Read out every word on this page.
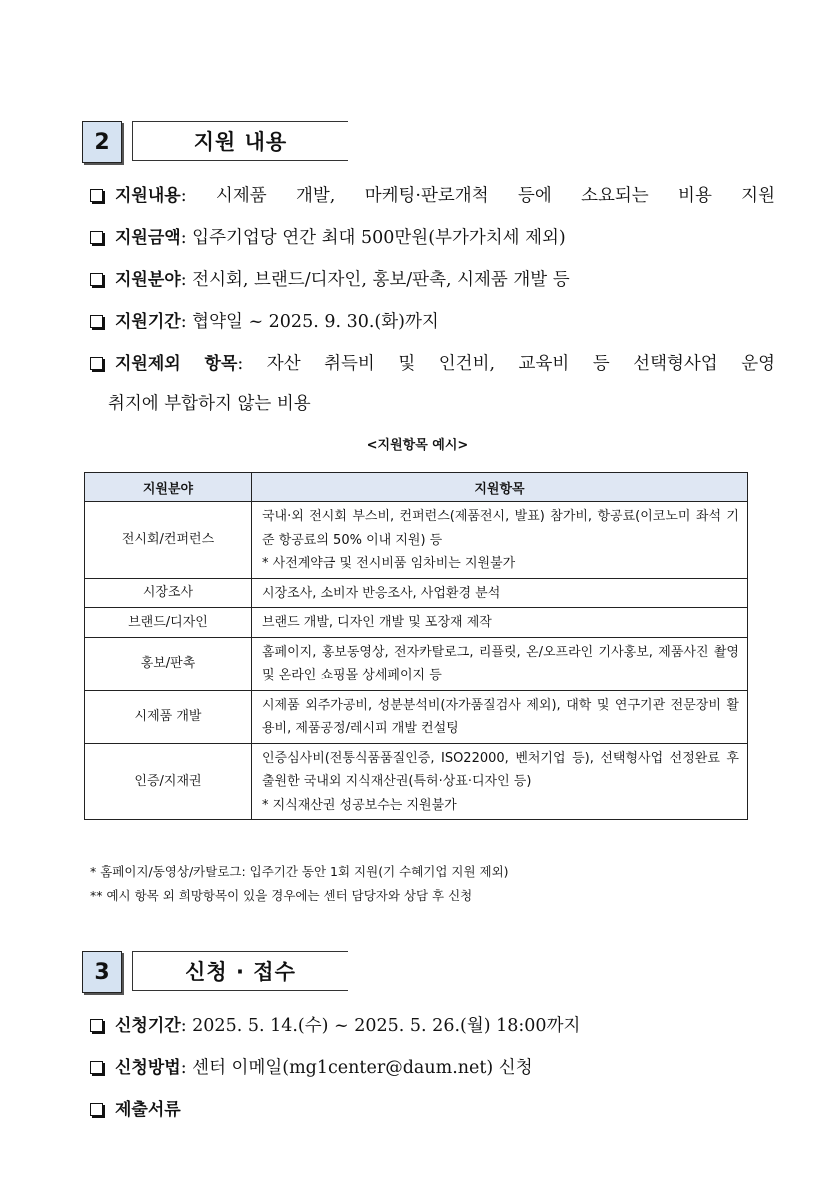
2	지원 내용
지원내용: 시제품 개발, 마케팅·판로개척 등에 소요되는 비용 지원
지원금액: 입주기업당 연간 최대 500만원(부가가치세 제외)
지원분야: 전시회, 브랜드/디자인, 홍보/판촉, 시제품 개발 등
지원기간: 협약일 ~ 2025. 9. 30.(화)까지
지원제외 항목: 자산 취득비 및 인건비, 교육비 등 선택형사업 운영
취지에 부합하지 않는 비용
<지원항목 예시>
지원분야	지원항목
전시회/컨퍼런스	국내·외 전시회 부스비, 컨퍼런스(제품전시, 발표) 참가비, 항공료(이코노미 좌석 기준 항공료의 50% 이내 지원) 등
* 사전계약금 및 전시비품 임차비는 지원불가

시장조사	시장조사, 소비자 반응조사, 사업환경 분석
브랜드/디자인	브랜드 개발, 디자인 개발 및 포장재 제작
홍보/판촉	홈페이지, 홍보동영상, 전자카탈로그, 리플릿, 온/오프라인 기사홍보, 제품사진 촬영 및 온라인 쇼핑몰 상세페이지 등
시제품 개발	시제품 외주가공비, 성분분석비(자가품질검사 제외), 대학 및 연구기관 전문장비 활용비, 제품공정/레시피 개발 컨설팅
인증/지재권	인증심사비(전통식품품질인증, ISO22000, 벤처기업 등), 선택형사업 선정완료 후 출원한 국내외 지식재산권(특허·상표·디자인 등)
* 지식재산권 성공보수는 지원불가
* 홈페이지/동영상/카탈로그: 입주기간 동안 1회 지원(기 수혜기업 지원 제외)
** 예시 항목 외 희망항목이 있을 경우에는 센터 담당자와 상담 후 신청
3	신청 · 접수
신청기간: 2025. 5. 14.(수) ~ 2025. 5. 26.(월) 18:00까지
신청방법: 센터 이메일(mg1center@daum.net) 신청
제출서류
